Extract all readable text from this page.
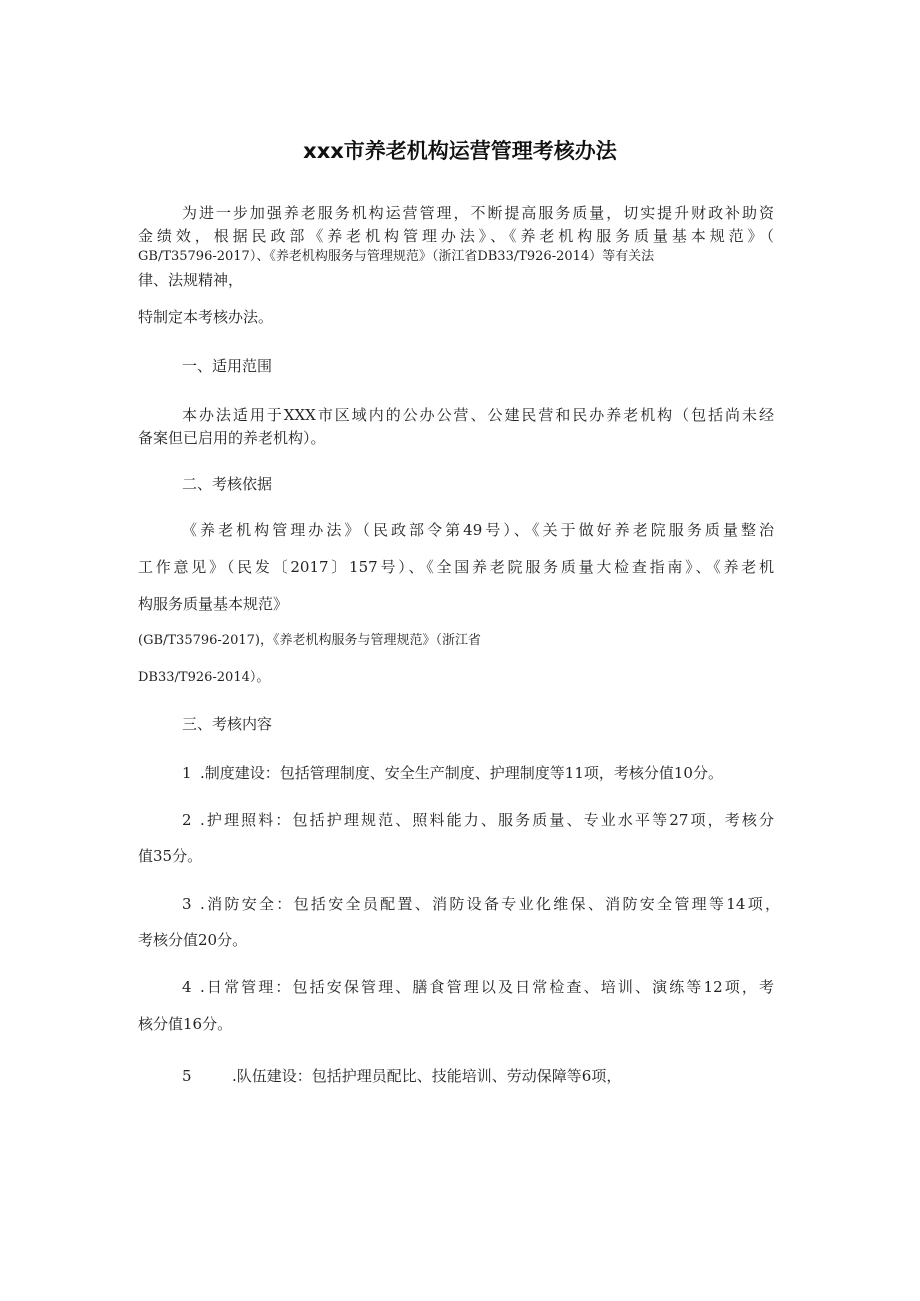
xxx市养老机构运营管理考核办法
为进一步加强养老服务机构运营管理，不断提高服务质量，切实提升财政补助资
金绩效，根据民政部《养老机构管理办法》、《养老机构服务质量基本规范》（
GB/T35796-2017）、《养老机构服务与管理规范》（浙江省DB33/T926-2014）等有关法
律、法规精神，
特制定本考核办法。
一、适用范围
本办法适用于XXX市区域内的公办公营、公建民营和民办养老机构（包括尚未经
备案但已启用的养老机构）。
二、考核依据
《养老机构管理办法》（民政部令第49号）、《关于做好养老院服务质量整治
工作意见》（民发〔2017〕157号）、《全国养老院服务质量大检查指南》、《养老机
构服务质量基本规范》
(GB/T35796-2017)，《养老机构服务与管理规范》（浙江省
DB33/T926-2014）。
三、考核内容
1 .制度建设：包括管理制度、安全生产制度、护理制度等11项，考核分值10分。
2 .护理照料：包括护理规范、照料能力、服务质量、专业水平等27项，考核分
值35分。
3 .消防安全：包括安全员配置、消防设备专业化维保、消防安全管理等14项，
考核分值20分。
4 .日常管理：包括安保管理、膳食管理以及日常检查、培训、演练等12项，考
核分值16分。
5	.队伍建设：包括护理员配比、技能培训、劳动保障等6项，
